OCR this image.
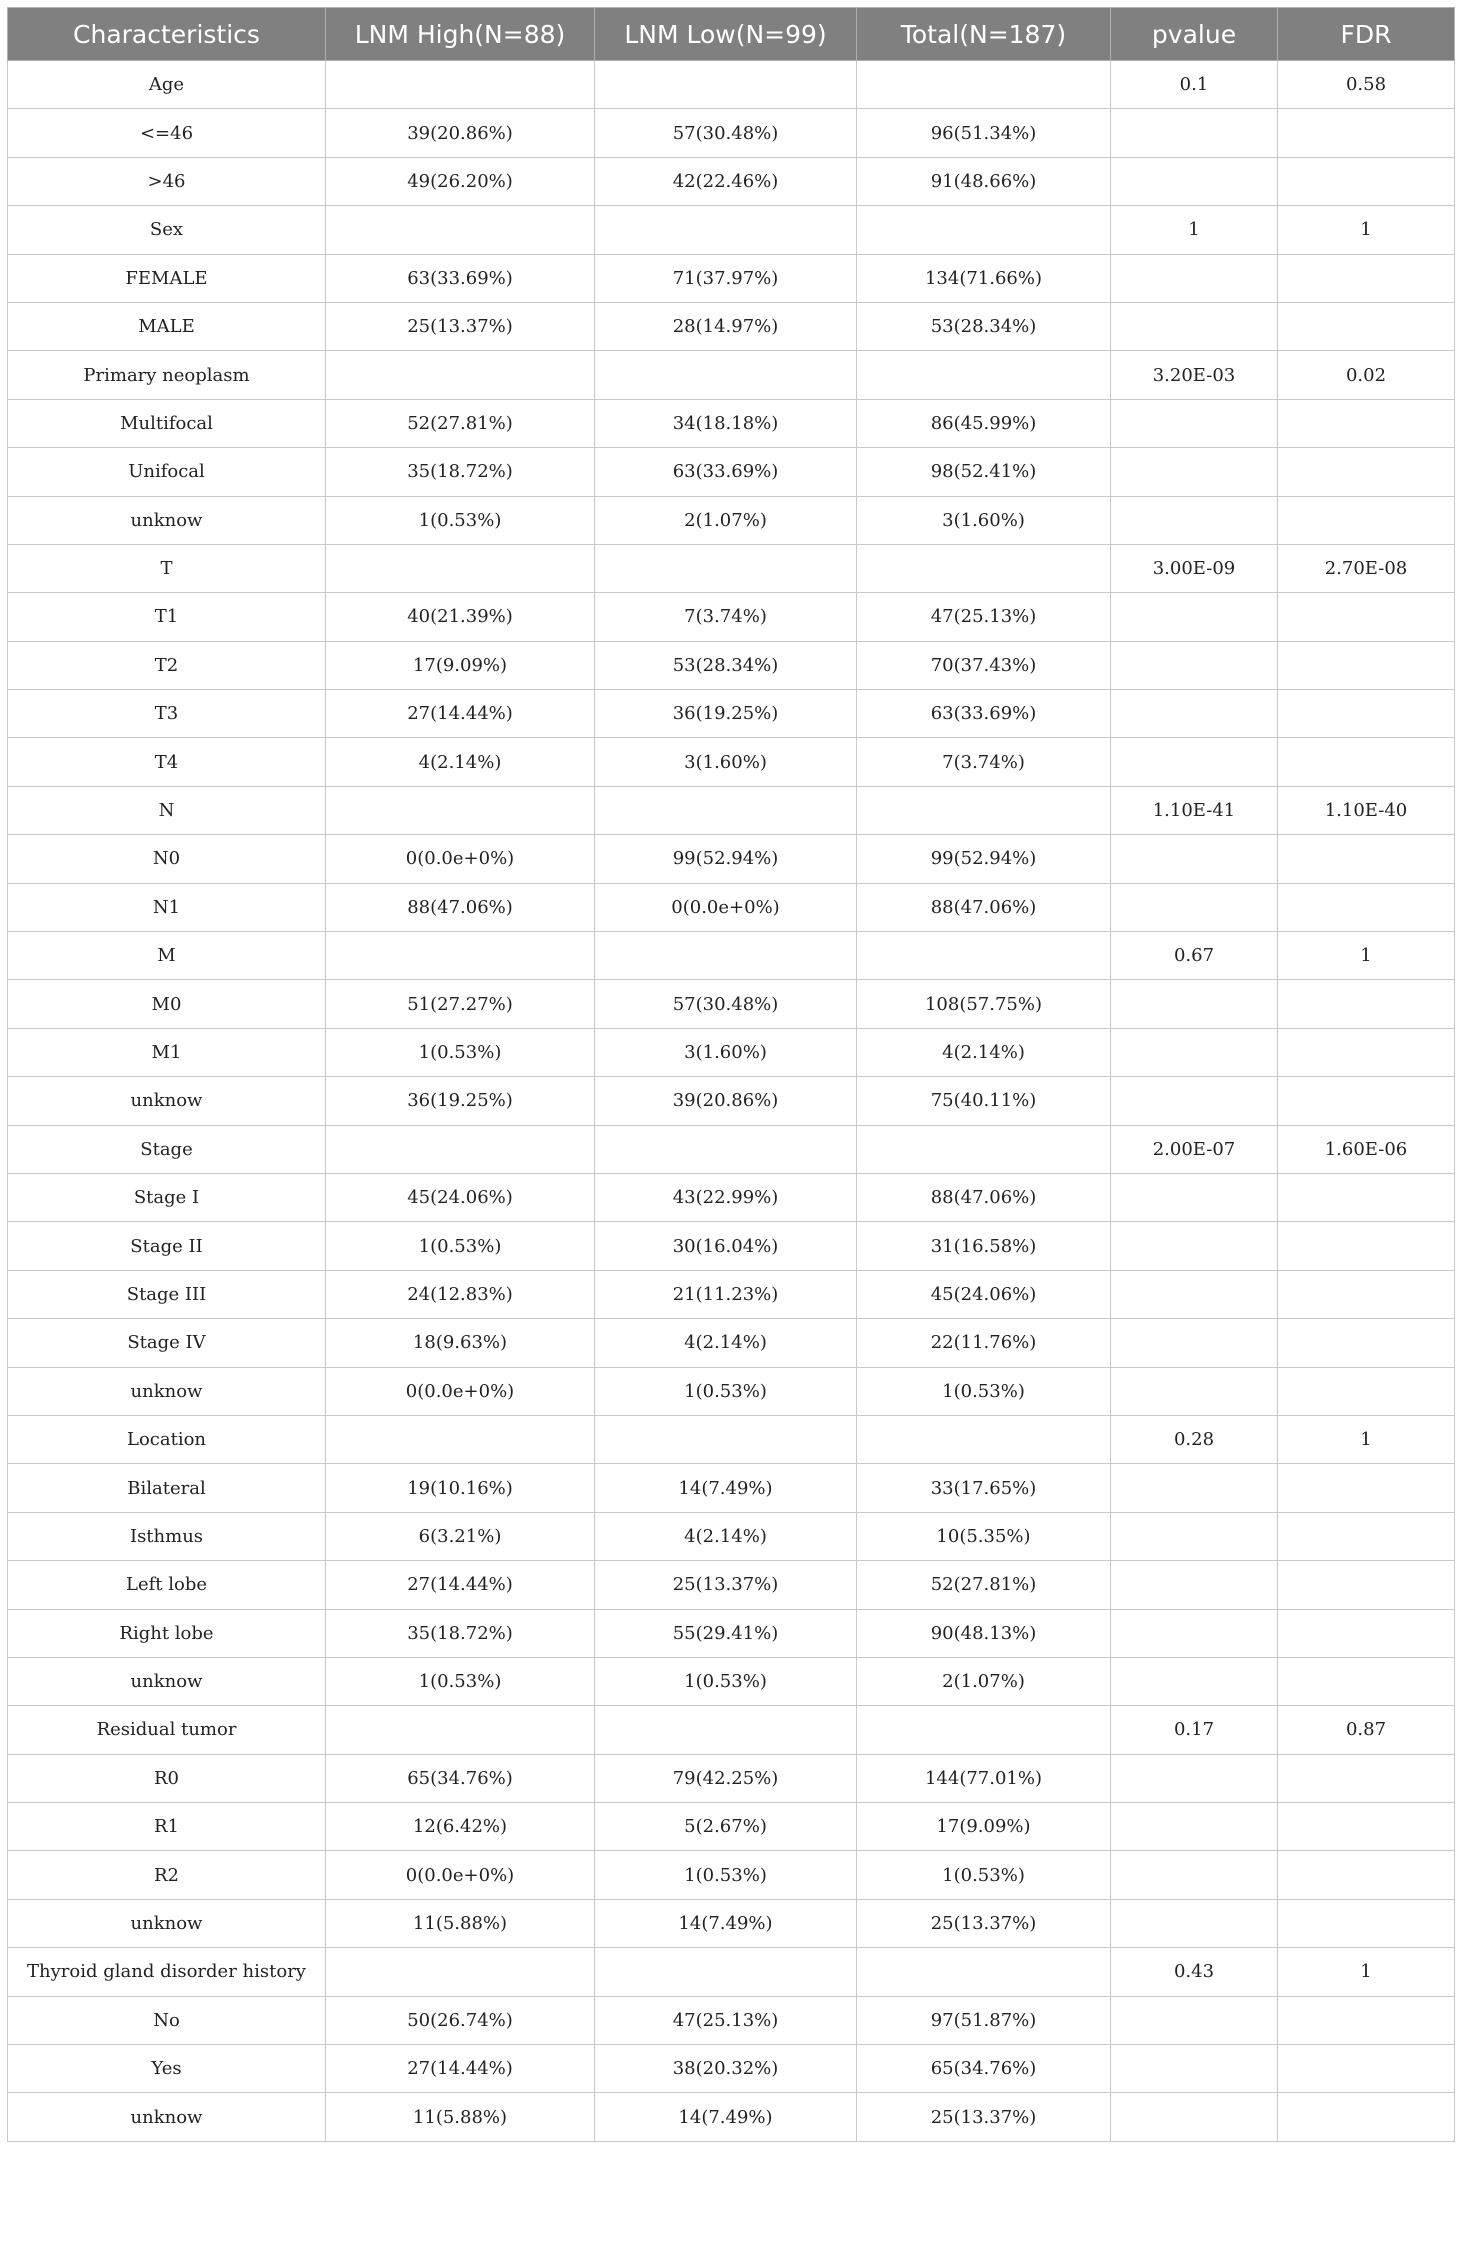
Characteristics	LNM High(N=88)	LNM Low(N=99)	Total(N=187)	pvalue	FDR
Age				0.1	0.58
<=46	39(20.86%)	57(30.48%)	96(51.34%)		
>46	49(26.20%)	42(22.46%)	91(48.66%)		
Sex				1	1
FEMALE	63(33.69%)	71(37.97%)	134(71.66%)		
MALE	25(13.37%)	28(14.97%)	53(28.34%)		
Primary neoplasm				3.20E-03	0.02
Multifocal	52(27.81%)	34(18.18%)	86(45.99%)		
Unifocal	35(18.72%)	63(33.69%)	98(52.41%)		
unknow	1(0.53%)	2(1.07%)	3(1.60%)		
T				3.00E-09	2.70E-08
T1	40(21.39%)	7(3.74%)	47(25.13%)		
T2	17(9.09%)	53(28.34%)	70(37.43%)		
T3	27(14.44%)	36(19.25%)	63(33.69%)		
T4	4(2.14%)	3(1.60%)	7(3.74%)		
N				1.10E-41	1.10E-40
N0	0(0.0e+0%)	99(52.94%)	99(52.94%)		
N1	88(47.06%)	0(0.0e+0%)	88(47.06%)		
M				0.67	1
M0	51(27.27%)	57(30.48%)	108(57.75%)		
M1	1(0.53%)	3(1.60%)	4(2.14%)		
unknow	36(19.25%)	39(20.86%)	75(40.11%)		
Stage				2.00E-07	1.60E-06
Stage I	45(24.06%)	43(22.99%)	88(47.06%)		
Stage II	1(0.53%)	30(16.04%)	31(16.58%)		
Stage III	24(12.83%)	21(11.23%)	45(24.06%)		
Stage IV	18(9.63%)	4(2.14%)	22(11.76%)		
unknow	0(0.0e+0%)	1(0.53%)	1(0.53%)		
Location				0.28	1
Bilateral	19(10.16%)	14(7.49%)	33(17.65%)		
Isthmus	6(3.21%)	4(2.14%)	10(5.35%)		
Left lobe	27(14.44%)	25(13.37%)	52(27.81%)		
Right lobe	35(18.72%)	55(29.41%)	90(48.13%)		
unknow	1(0.53%)	1(0.53%)	2(1.07%)		
Residual tumor				0.17	0.87
R0	65(34.76%)	79(42.25%)	144(77.01%)		
R1	12(6.42%)	5(2.67%)	17(9.09%)		
R2	0(0.0e+0%)	1(0.53%)	1(0.53%)		
unknow	11(5.88%)	14(7.49%)	25(13.37%)		
Thyroid gland disorder history				0.43	1
No	50(26.74%)	47(25.13%)	97(51.87%)		
Yes	27(14.44%)	38(20.32%)	65(34.76%)		
unknow	11(5.88%)	14(7.49%)	25(13.37%)		
